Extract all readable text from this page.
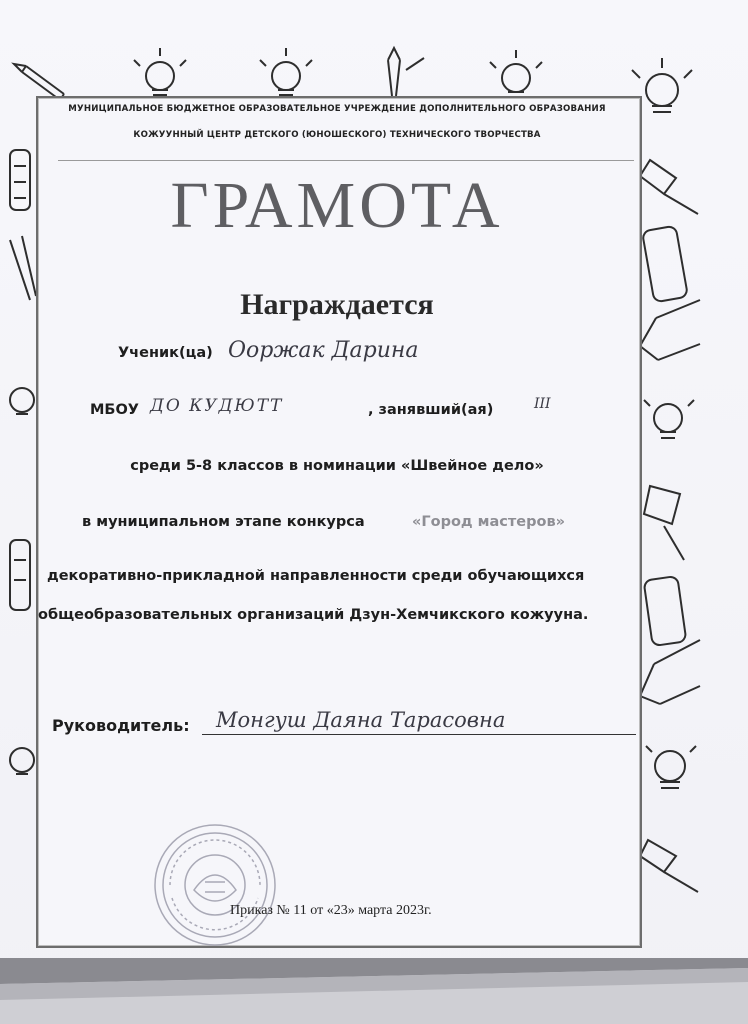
МУНИЦИПАЛЬНОЕ БЮДЖЕТНОЕ ОБРАЗОВАТЕЛЬНОЕ УЧРЕЖДЕНИЕ ДОПОЛНИТЕЛЬНОГО ОБРАЗОВАНИЯ
КОЖУУННЫЙ ЦЕНТР ДЕТСКОГО (ЮНОШЕСКОГО) ТЕХНИЧЕСКОГО ТВОРЧЕСТВА
ГРАМОТА
Награждается
Ученик(ца) Ооржак Дарина
МБОУ ДО КУДЮТТ	, занявший(ая)	III
среди 5-8 классов в номинации «Швейное дело»
в муниципальном этапе конкурса	«Город мастеров»
декоративно-прикладной направленности среди обучающихся
общеобразовательных организаций Дзун-Хемчикского кожууна.
Руководитель: Монгуш Даяна Тарасовна
Приказ № 11 от «23» марта 2023г.
